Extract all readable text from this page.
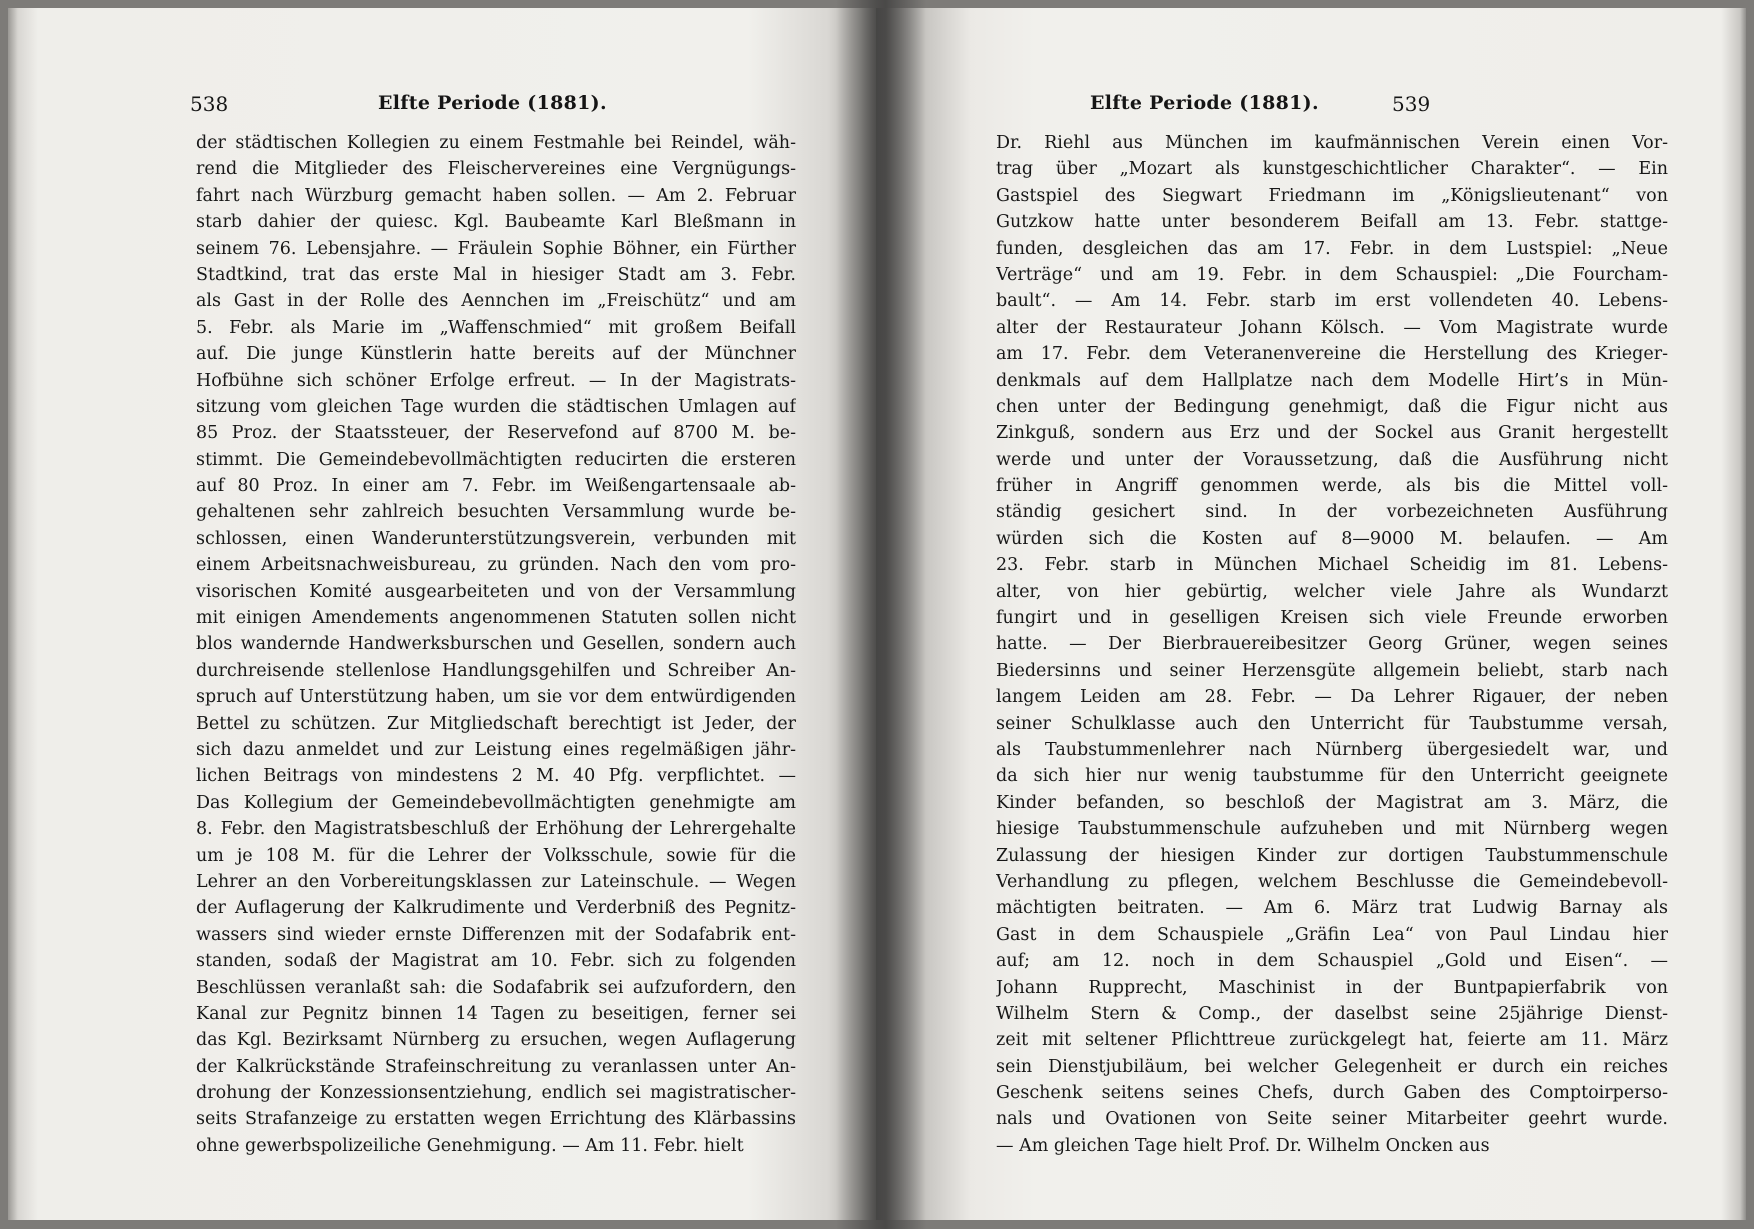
538	Elfte Periode (1881).
der städtischen Kollegien zu einem Festmahle bei Reindel, wäh-
rend die Mitglieder des Fleischervereines eine Vergnügungs-
fahrt nach Würzburg gemacht haben sollen. — Am 2. Februar
starb dahier der quiesc. Kgl. Baubeamte Karl Bleßmann in
seinem 76. Lebensjahre. — Fräulein Sophie Böhner, ein Fürther
Stadtkind, trat das erste Mal in hiesiger Stadt am 3. Febr.
als Gast in der Rolle des Aennchen im „Freischütz“ und am
5. Febr. als Marie im „Waffenschmied“ mit großem Beifall
auf. Die junge Künstlerin hatte bereits auf der Münchner
Hofbühne sich schöner Erfolge erfreut. — In der Magistrats-
sitzung vom gleichen Tage wurden die städtischen Umlagen auf
85 Proz. der Staatssteuer, der Reservefond auf 8700 M. be-
stimmt. Die Gemeindebevollmächtigten reducirten die ersteren
auf 80 Proz. In einer am 7. Febr. im Weißengartensaale ab-
gehaltenen sehr zahlreich besuchten Versammlung wurde be-
schlossen, einen Wanderunterstützungsverein, verbunden mit
einem Arbeitsnachweisbureau, zu gründen. Nach den vom pro-
visorischen Komité ausgearbeiteten und von der Versammlung
mit einigen Amendements angenommenen Statuten sollen nicht
blos wandernde Handwerksburschen und Gesellen, sondern auch
durchreisende stellenlose Handlungsgehilfen und Schreiber An-
spruch auf Unterstützung haben, um sie vor dem entwürdigenden
Bettel zu schützen. Zur Mitgliedschaft berechtigt ist Jeder, der
sich dazu anmeldet und zur Leistung eines regelmäßigen jähr-
lichen Beitrags von mindestens 2 M. 40 Pfg. verpflichtet. —
Das Kollegium der Gemeindebevollmächtigten genehmigte am
8. Febr. den Magistratsbeschluß der Erhöhung der Lehrergehalte
um je 108 M. für die Lehrer der Volksschule, sowie für die
Lehrer an den Vorbereitungsklassen zur Lateinschule. — Wegen
der Auflagerung der Kalkrudimente und Verderbniß des Pegnitz-
wassers sind wieder ernste Differenzen mit der Sodafabrik ent-
standen, sodaß der Magistrat am 10. Febr. sich zu folgenden
Beschlüssen veranlaßt sah: die Sodafabrik sei aufzufordern, den
Kanal zur Pegnitz binnen 14 Tagen zu beseitigen, ferner sei
das Kgl. Bezirksamt Nürnberg zu ersuchen, wegen Auflagerung
der Kalkrückstände Strafeinschreitung zu veranlassen unter An-
drohung der Konzessionsentziehung, endlich sei magistratischer-
seits Strafanzeige zu erstatten wegen Errichtung des Klärbassins
ohne gewerbspolizeiliche Genehmigung. — Am 11. Febr. hielt
Elfte Periode (1881).	539
Dr. Riehl aus München im kaufmännischen Verein einen Vor-
trag über „Mozart als kunstgeschichtlicher Charakter“. — Ein
Gastspiel des Siegwart Friedmann im „Königslieutenant“ von
Gutzkow hatte unter besonderem Beifall am 13. Febr. stattge-
funden, desgleichen das am 17. Febr. in dem Lustspiel: „Neue
Verträge“ und am 19. Febr. in dem Schauspiel: „Die Fourcham-
bault“. — Am 14. Febr. starb im erst vollendeten 40. Lebens-
alter der Restaurateur Johann Kölsch. — Vom Magistrate wurde
am 17. Febr. dem Veteranenvereine die Herstellung des Krieger-
denkmals auf dem Hallplatze nach dem Modelle Hirt’s in Mün-
chen unter der Bedingung genehmigt, daß die Figur nicht aus
Zinkguß, sondern aus Erz und der Sockel aus Granit hergestellt
werde und unter der Voraussetzung, daß die Ausführung nicht
früher in Angriff genommen werde, als bis die Mittel voll-
ständig gesichert sind. In der vorbezeichneten Ausführung
würden sich die Kosten auf 8—9000 M. belaufen. — Am
23. Febr. starb in München Michael Scheidig im 81. Lebens-
alter, von hier gebürtig, welcher viele Jahre als Wundarzt
fungirt und in geselligen Kreisen sich viele Freunde erworben
hatte. — Der Bierbrauereibesitzer Georg Grüner, wegen seines
Biedersinns und seiner Herzensgüte allgemein beliebt, starb nach
langem Leiden am 28. Febr. — Da Lehrer Rigauer, der neben
seiner Schulklasse auch den Unterricht für Taubstumme versah,
als Taubstummenlehrer nach Nürnberg übergesiedelt war, und
da sich hier nur wenig taubstumme für den Unterricht geeignete
Kinder befanden, so beschloß der Magistrat am 3. März, die
hiesige Taubstummenschule aufzuheben und mit Nürnberg wegen
Zulassung der hiesigen Kinder zur dortigen Taubstummenschule
Verhandlung zu pflegen, welchem Beschlusse die Gemeindebevoll-
mächtigten beitraten. — Am 6. März trat Ludwig Barnay als
Gast in dem Schauspiele „Gräfin Lea“ von Paul Lindau hier
auf; am 12. noch in dem Schauspiel „Gold und Eisen“. —
Johann Rupprecht, Maschinist in der Buntpapierfabrik von
Wilhelm Stern & Comp., der daselbst seine 25jährige Dienst-
zeit mit seltener Pflichttreue zurückgelegt hat, feierte am 11. März
sein Dienstjubiläum, bei welcher Gelegenheit er durch ein reiches
Geschenk seitens seines Chefs, durch Gaben des Comptoirperso-
nals und Ovationen von Seite seiner Mitarbeiter geehrt wurde.
— Am gleichen Tage hielt Prof. Dr. Wilhelm Oncken aus
